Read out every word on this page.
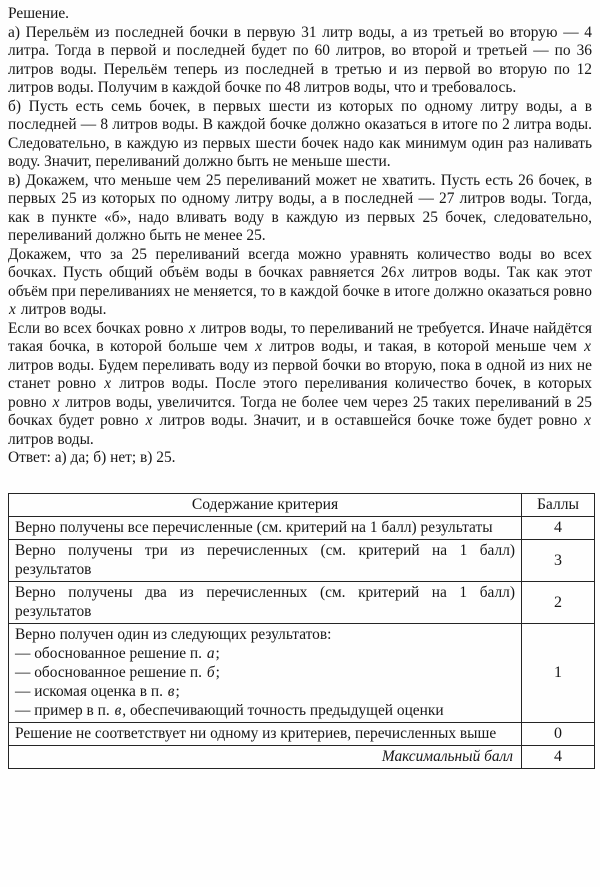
Решение.
а) Перельём из последней бочки в первую 31 литр воды, а из третьей во вторую — 4 литра. Тогда в первой и последней будет по 60 литров, во второй и третьей — по 36 литров воды. Перельём теперь из последней в третью и из первой во вторую по 12 литров воды. Получим в каждой бочке по 48 литров воды, что и требовалось.
б) Пусть есть семь бочек, в первых шести из которых по одному литру воды, а в последней — 8 литров воды. В каждой бочке должно оказаться в итоге по 2 литра воды. Следовательно, в каждую из первых шести бочек надо как минимум один раз наливать воду. Значит, переливаний должно быть не меньше шести.
в) Докажем, что меньше чем 25 переливаний может не хватить. Пусть есть 26 бочек, в первых 25 из которых по одному литру воды, а в последней — 27 литров воды. Тогда, как в пункте «б», надо вливать воду в каждую из первых 25 бочек, следовательно, переливаний должно быть не менее 25.
Докажем, что за 25 переливаний всегда можно уравнять количество воды во всех бочках. Пусть общий объём воды в бочках равняется 26x литров воды. Так как этот объём при переливаниях не меняется, то в каждой бочке в итоге должно оказаться ровно x литров воды.
Если во всех бочках ровно x литров воды, то переливаний не требуется. Иначе найдётся такая бочка, в которой больше чем x литров воды, и такая, в которой меньше чем x литров воды. Будем переливать воду из первой бочки во вторую, пока в одной из них не станет ровно x литров воды. После этого переливания количество бочек, в которых ровно x литров воды, увеличится. Тогда не более чем через 25 таких переливаний в 25 бочках будет ровно x литров воды. Значит, и в оставшейся бочке тоже будет ровно x литров воды.
Ответ: а) да; б) нет; в) 25.
Содержание критерия	Баллы
Верно получены все перечисленные (см. критерий на 1 балл) результаты	4
Верно получены три из перечисленных (см. критерий на 1 балл) результатов	3
Верно получены два из перечисленных (см. критерий на 1 балл) результатов	2

Верно получен один из следующих результатов:
— обоснованное решение п. а;
— обоснованное решение п. б;
— искомая оценка в п. в;
— пример в п. в, обеспечивающий точность предыдущей оценки	1
Решение не соответствует ни одному из критериев, перечисленных выше	0
Максимальный балл	4
